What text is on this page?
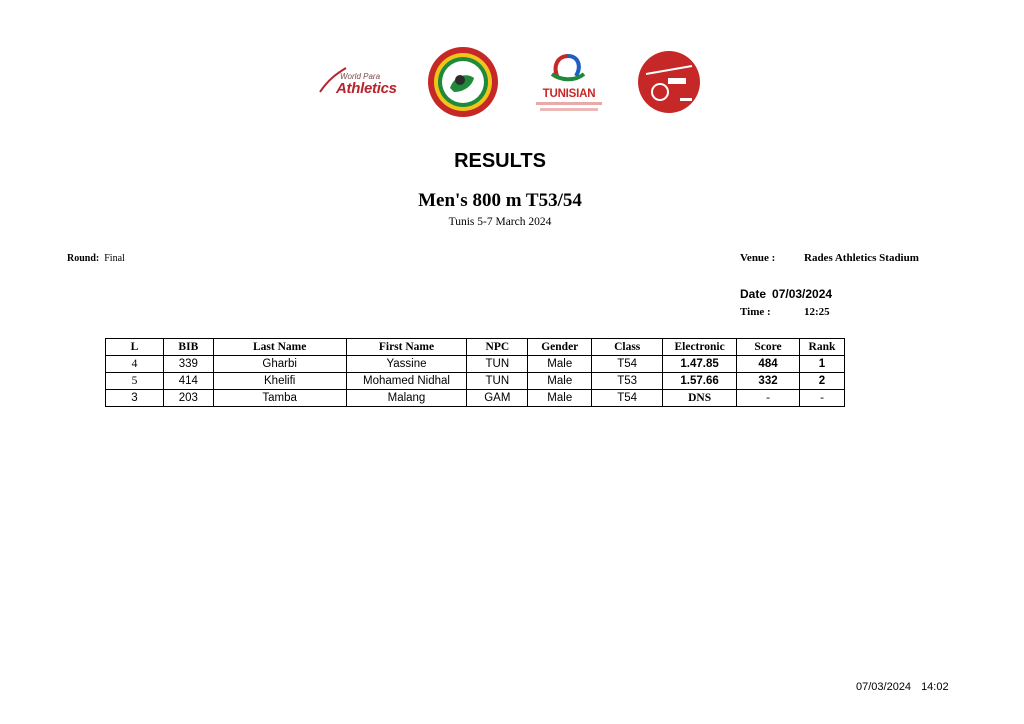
World Para
Athletics	TUNISIAN
RESULTS
Men's 800 m T53/54
Tunis 5-7 March 2024
Round: Final	Venue :	Rades Athletics Stadium
Date 07/03/2024
Time :	12:25
L	BIB	Last Name	First Name	NPC	Gender	Class	Electronic	Score	Rank
4	339	Gharbi	Yassine	TUN	Male	T54	1.47.85	484	1
5	414	Khelifi	Mohamed Nidhal	TUN	Male	T53	1.57.66	332	2
3	203	Tamba	Malang	GAM	Male	T54	DNS	-	-
07/03/2024 14:02
